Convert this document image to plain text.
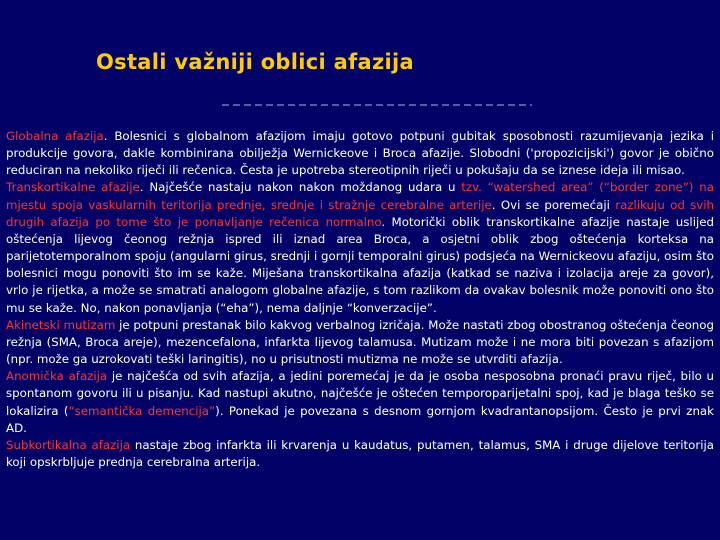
Ostali važniji oblici afazija

Globalna afazija. Bolesnici s globalnom afazijom imaju gotovo potpuni gubitak sposobnosti razumijevanja jezika i produkcije govora, dakle kombinirana obilježja Wernickeove i Broca afazije. Slobodni ('propozicijski') govor je obično reduciran na nekoliko riječi ili rečenica. Česta je upotreba stereotipnih riječi u pokušaju da se iznese ideja ili misao.

Transkortikalne afazije. Najčešće nastaju nakon nakon moždanog udara u tzv. “watershed area” (“border zone”) na mjestu spoja vaskularnih teritorija prednje, srednje i stražnje cerebralne arterije. Ovi se poremećaji razlikuju od svih drugih afazija po tome što je ponavljanje rečenica normalno. Motorički oblik transkortikalne afazije nastaje uslijed oštećenja lijevog čeonog režnja ispred ili iznad area Broca, a osjetni oblik zbog oštećenja korteksa na parijetotemporalnom spoju (angularni girus, srednji i gornji temporalni girus) podsjeća na Wernickeovu afaziju, osim što bolesnici mogu ponoviti što im se kaže. Miješana transkortikalna afazija (katkad se naziva i izolacija areje za govor), vrlo je rijetka, a može se smatrati analogom globalne afazije, s tom razlikom da ovakav bolesnik može ponoviti ono što mu se kaže. No, nakon ponavljanja (“eha”), nema daljnje “konverzacije”.

Akinetski mutizam je potpuni prestanak bilo kakvog verbalnog izričaja. Može nastati zbog obostranog oštećenja čeonog režnja (SMA, Broca areje), mezencefalona, infarkta lijevog talamusa. Mutizam može i ne mora biti povezan s afazijom (npr. može ga uzrokovati teški laringitis), no u prisutnosti mutizma ne može se utvrditi afazija.

Anomička afazija je najčešća od svih afazija, a jedini poremećaj je da je osoba nesposobna pronaći pravu riječ, bilo u spontanom govoru ili u pisanju. Kad nastupi akutno, najčešće je oštećen temporoparijetalni spoj, kad je blaga teško se lokalizira (“semantička demencija”). Ponekad je povezana s desnom gornjom kvadrantanopsijom. Često je prvi znak AD.

Subkortikalna afazija nastaje zbog infarkta ili krvarenja u kaudatus, putamen, talamus, SMA i druge dijelove teritorija koji opskrbljuje prednja cerebralna arterija.
